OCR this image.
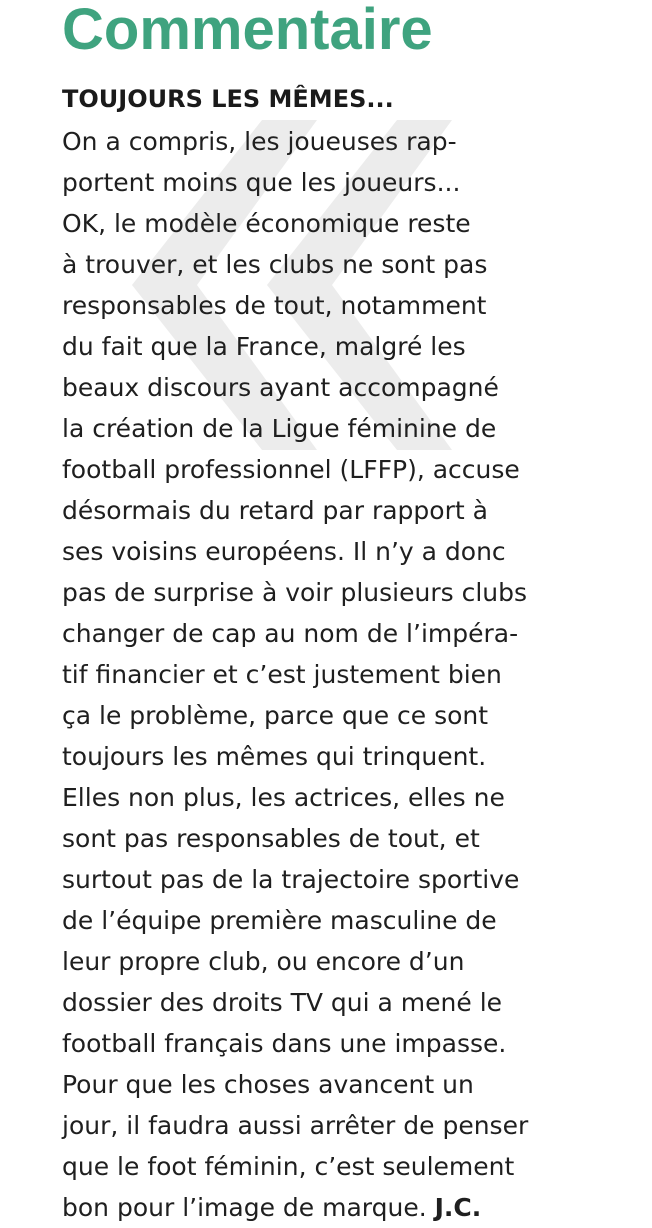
Commentaire
TOUJOURS LES MÊMES...
On a compris, les joueuses rap-
portent moins que les joueurs...
OK, le modèle économique reste
à trouver, et les clubs ne sont pas
responsables de tout, notamment
du fait que la France, malgré les
beaux discours ayant accompagné
la création de la Ligue féminine de
football professionnel (LFFP), accuse
désormais du retard par rapport à
ses voisins européens. Il n’y a donc
pas de surprise à voir plusieurs clubs
changer de cap au nom de l’impéra-
tif financier et c’est justement bien
ça le problème, parce que ce sont
toujours les mêmes qui trinquent.
Elles non plus, les actrices, elles ne
sont pas responsables de tout, et
surtout pas de la trajectoire sportive
de l’équipe première masculine de
leur propre club, ou encore d’un
dossier des droits TV qui a mené le
football français dans une impasse.
Pour que les choses avancent un
jour, il faudra aussi arrêter de penser
que le foot féminin, c’est seulement
bon pour l’image de marque. J.C.
